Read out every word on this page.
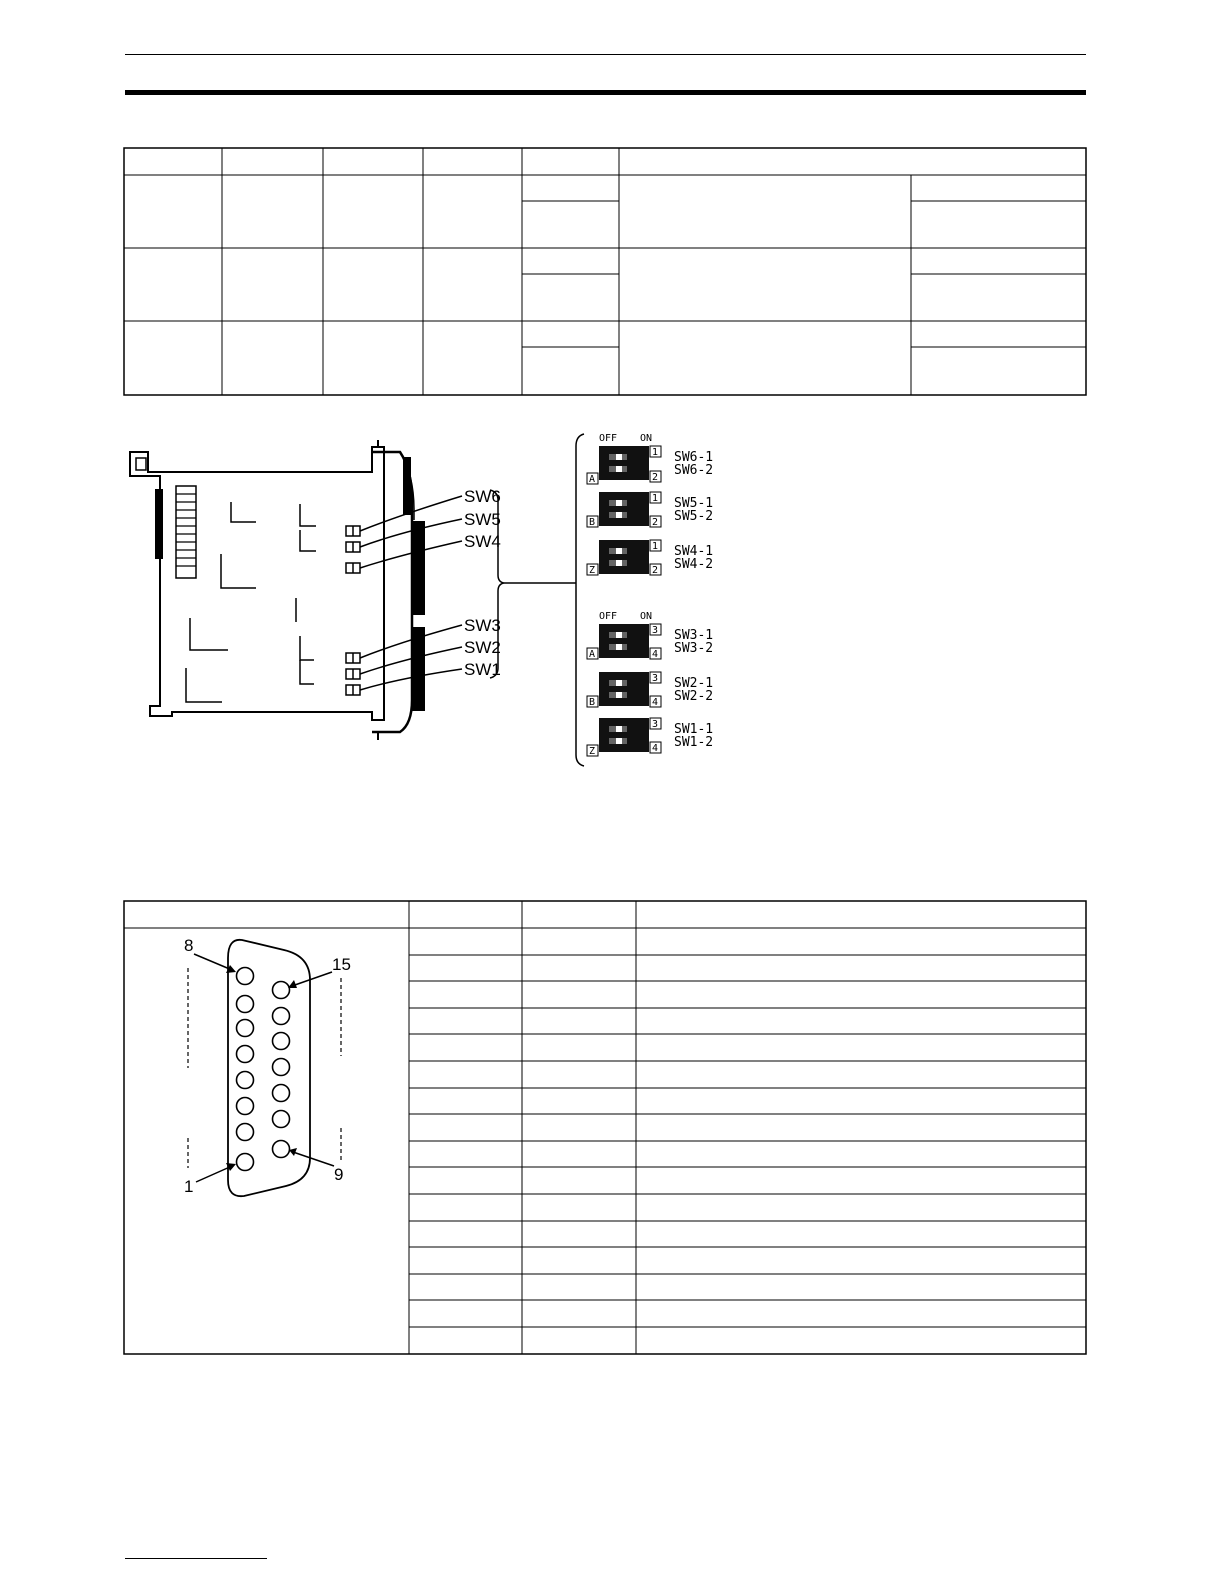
SW6
SW5
SW4
SW3
SW2
SW1
OFF ON
OFF ON
A
1
2
SW6-1
SW6-2
B
1
2
SW5-1
SW5-2
Z
1
2
SW4-1
SW4-2
A
3
4
SW3-1
SW3-2
B
3
4
SW2-1
SW2-2
Z
3
4
SW1-1
SW1-2
8
15
1
9
